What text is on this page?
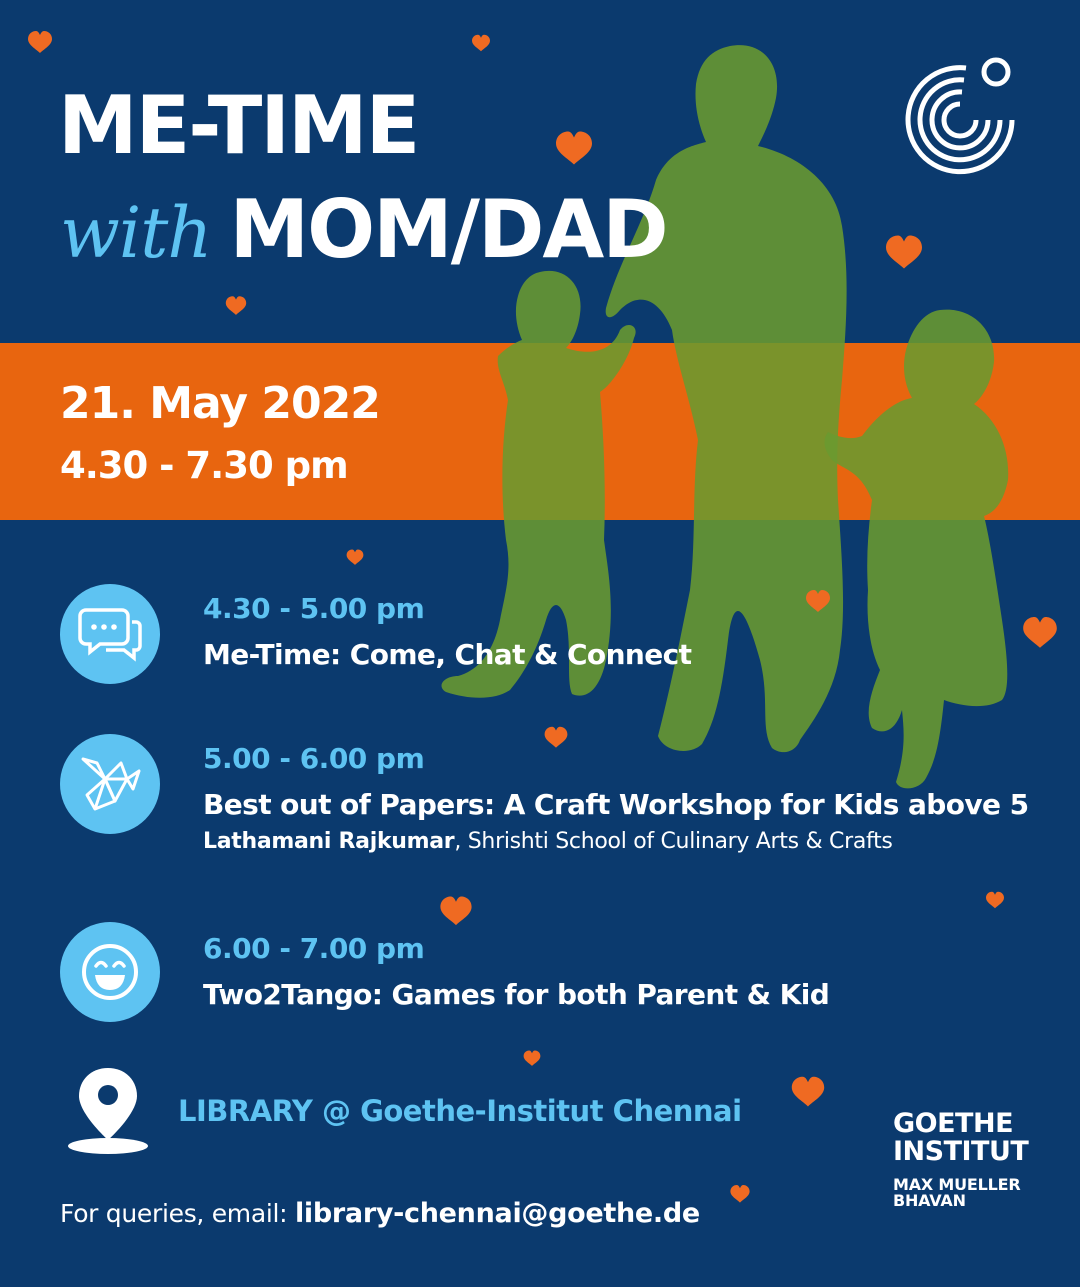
ME-TIME
with MOM/DAD
21. May 2022
4.30 - 7.30 pm
4.30 - 5.00 pm
Me-Time: Come, Chat & Connect
5.00 - 6.00 pm
Best out of Papers: A Craft Workshop for Kids above 5
Lathamani Rajkumar, Shrishti School of Culinary Arts & Crafts
6.00 - 7.00 pm
Two2Tango: Games for both Parent & Kid
LIBRARY @ Goethe-Institut Chennai
For queries, email: library-chennai@goethe.de
GOETHE
INSTITUT
MAX MUELLER
BHAVAN
